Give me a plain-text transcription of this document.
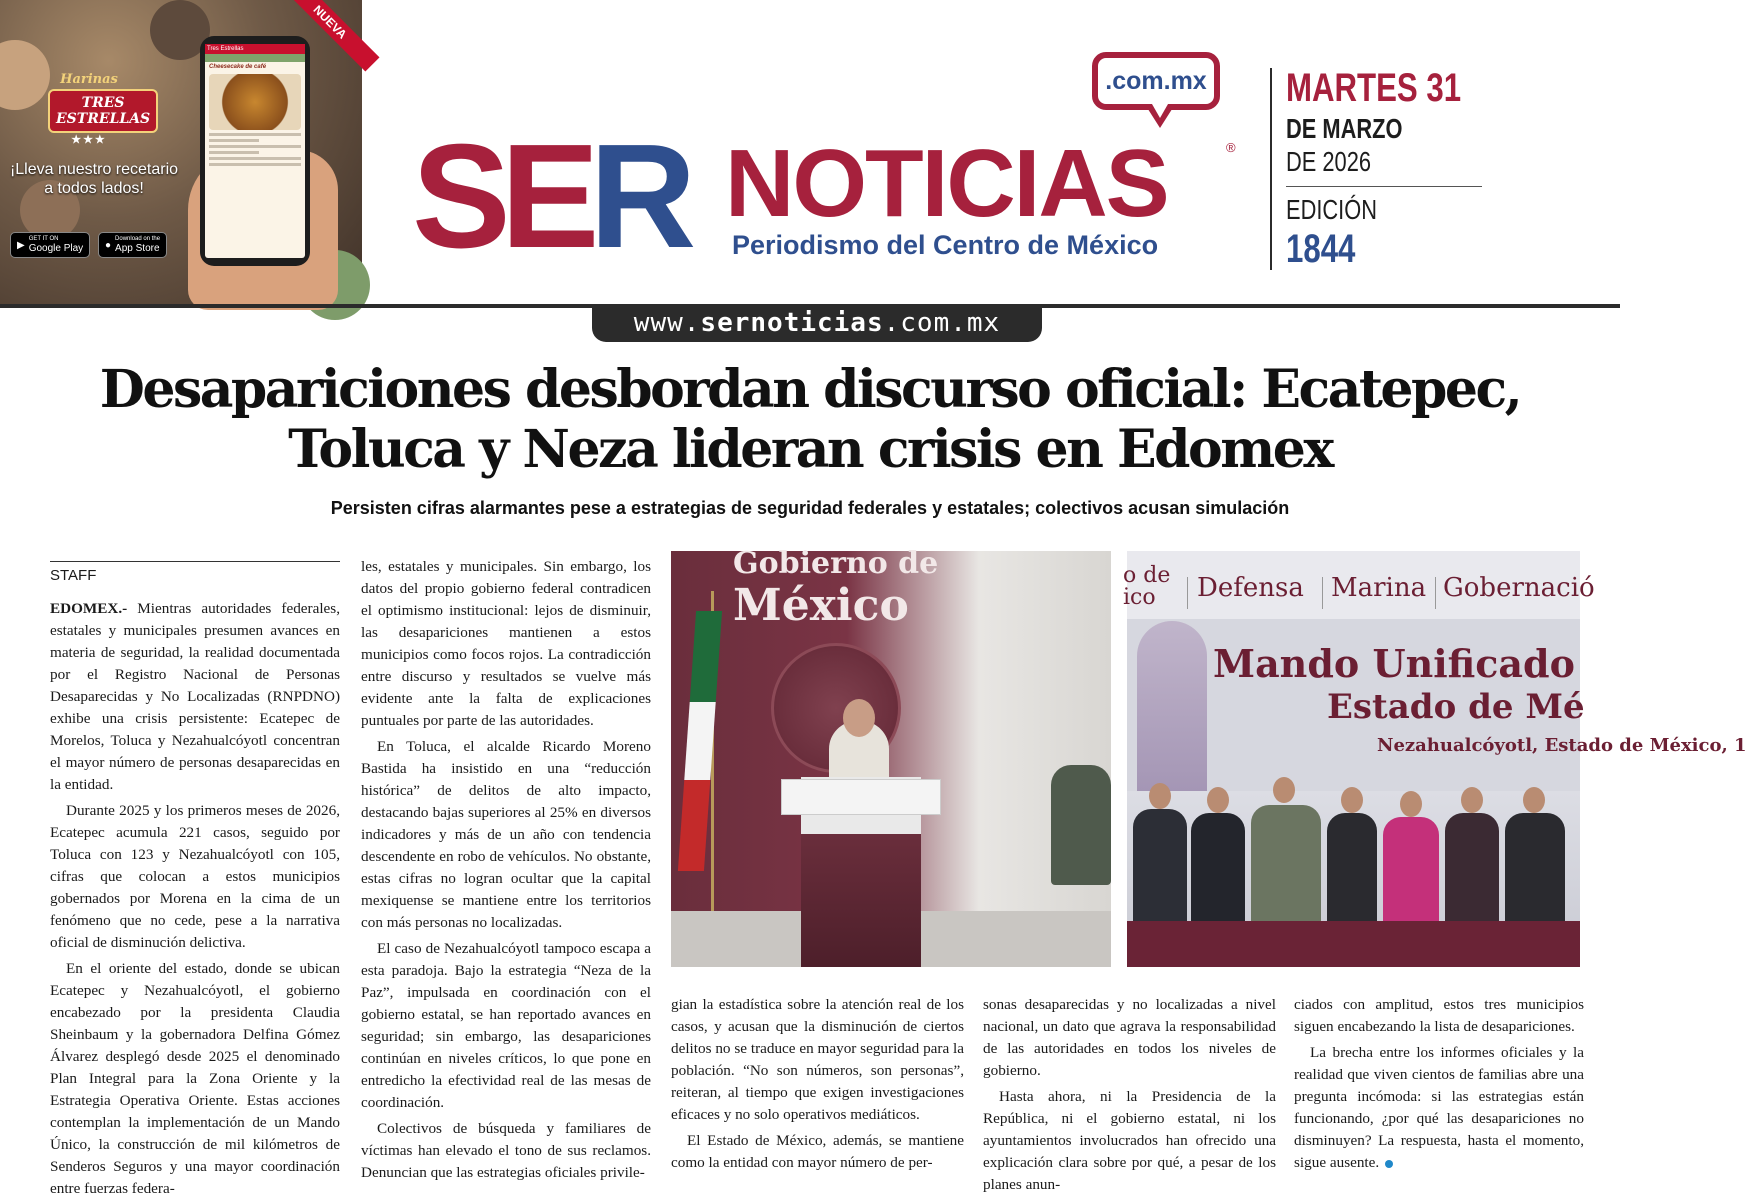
NUEVA
Harinas
TRES ESTRELLAS
★★★
¡Lleva nuestro recetario a todos lados!
▶
GET IT ON
Google Play ●
Download on the
App Store
Tres Estrellas
Cheesecake de café	.com.mx
SER NOTICIAS	®
Periodismo del Centro de México
MARTES 31
DE MARZO
DE 2026
EDICIÓN
1844
www.sernoticias.com.mx
Desapariciones desbordan discurso oficial: Ecatepec,
Toluca y Neza lideran crisis en Edomex
Persisten cifras alarmantes pese a estrategias de seguridad federales y estatales; colectivos acusan simulación
STAFF

EDOMEX.- Mientras autoridades federales, estatales y municipales presumen avances en materia de seguridad, la realidad documentada por el Registro Nacional de Personas Desaparecidas y No Localizadas (RNPDNO) exhibe una crisis persistente: Ecatepec de Morelos, Toluca y Nezahualcóyotl concentran el mayor número de personas desaparecidas en la entidad.

Durante 2025 y los primeros meses de 2026, Ecatepec acumula 221 casos, seguido por Toluca con 123 y Nezahualcóyotl con 105, cifras que colocan a estos municipios gobernados por Morena en la cima de un fenómeno que no cede, pese a la narrativa oficial de disminución delictiva.

En el oriente del estado, donde se ubican Ecatepec y Nezahualcóyotl, el gobierno encabezado por la presidenta Claudia Sheinbaum y la gobernadora Delfina Gómez Álvarez desplegó desde 2025 el denominado Plan Integral para la Zona Oriente y la Estrategia Operativa Oriente. Estas acciones contemplan la implementación de un Mando Único, la construcción de mil kilómetros de Senderos Seguros y una mayor coordinación entre fuerzas federa-

les, estatales y municipales. Sin embargo, los datos del propio gobierno federal contradicen el optimismo institucional: lejos de disminuir, las desapariciones mantienen a estos municipios como focos rojos. La contradicción entre discurso y resultados se vuelve más evidente ante la falta de explicaciones puntuales por parte de las autoridades.

En Toluca, el alcalde Ricardo Moreno Bastida ha insistido en una “reducción histórica” de delitos de alto impacto, destacando bajas superiores al 25% en diversos indicadores y más de un año con tendencia descendente en robo de vehículos. No obstante, estas cifras no logran ocultar que la capital mexiquense se mantiene entre los territorios con más personas no localizadas.

El caso de Nezahualcóyotl tampoco escapa a esta paradoja. Bajo la estrategia “Neza de la Paz”, impulsada en coordinación con el gobierno estatal, se han reportado avances en seguridad; sin embargo, las desapariciones continúan en niveles críticos, lo que pone en entredicho la efectividad real de las mesas de coordinación.

Colectivos de búsqueda y familiares de víctimas han elevado el tono de sus reclamos. Denuncian que las estrategias oficiales privile-

Gobierno de
México
o de
ico	Defensa Marina Gobernació
Mando Unificado
Estado de Mé
Nezahualcóyotl, Estado de México, 1

gian la estadística sobre la atención real de los casos, y acusan que la disminución de ciertos delitos no se traduce en mayor seguridad para la población. “No son números, son personas”, reiteran, al tiempo que exigen investigaciones eficaces y no solo operativos mediáticos.

El Estado de México, además, se mantiene como la entidad con mayor número de per-

sonas desaparecidas y no localizadas a nivel nacional, un dato que agrava la responsabilidad de las autoridades en todos los niveles de gobierno.

Hasta ahora, ni la Presidencia de la República, ni el gobierno estatal, ni los ayuntamientos involucrados han ofrecido una explicación clara sobre por qué, a pesar de los planes anun-

ciados con amplitud, estos tres municipios siguen encabezando la lista de desapariciones.

La brecha entre los informes oficiales y la realidad que viven cientos de familias abre una pregunta incómoda: si las estrategias están funcionando, ¿por qué las desapariciones no disminuyen? La respuesta, hasta el momento, sigue ausente.
